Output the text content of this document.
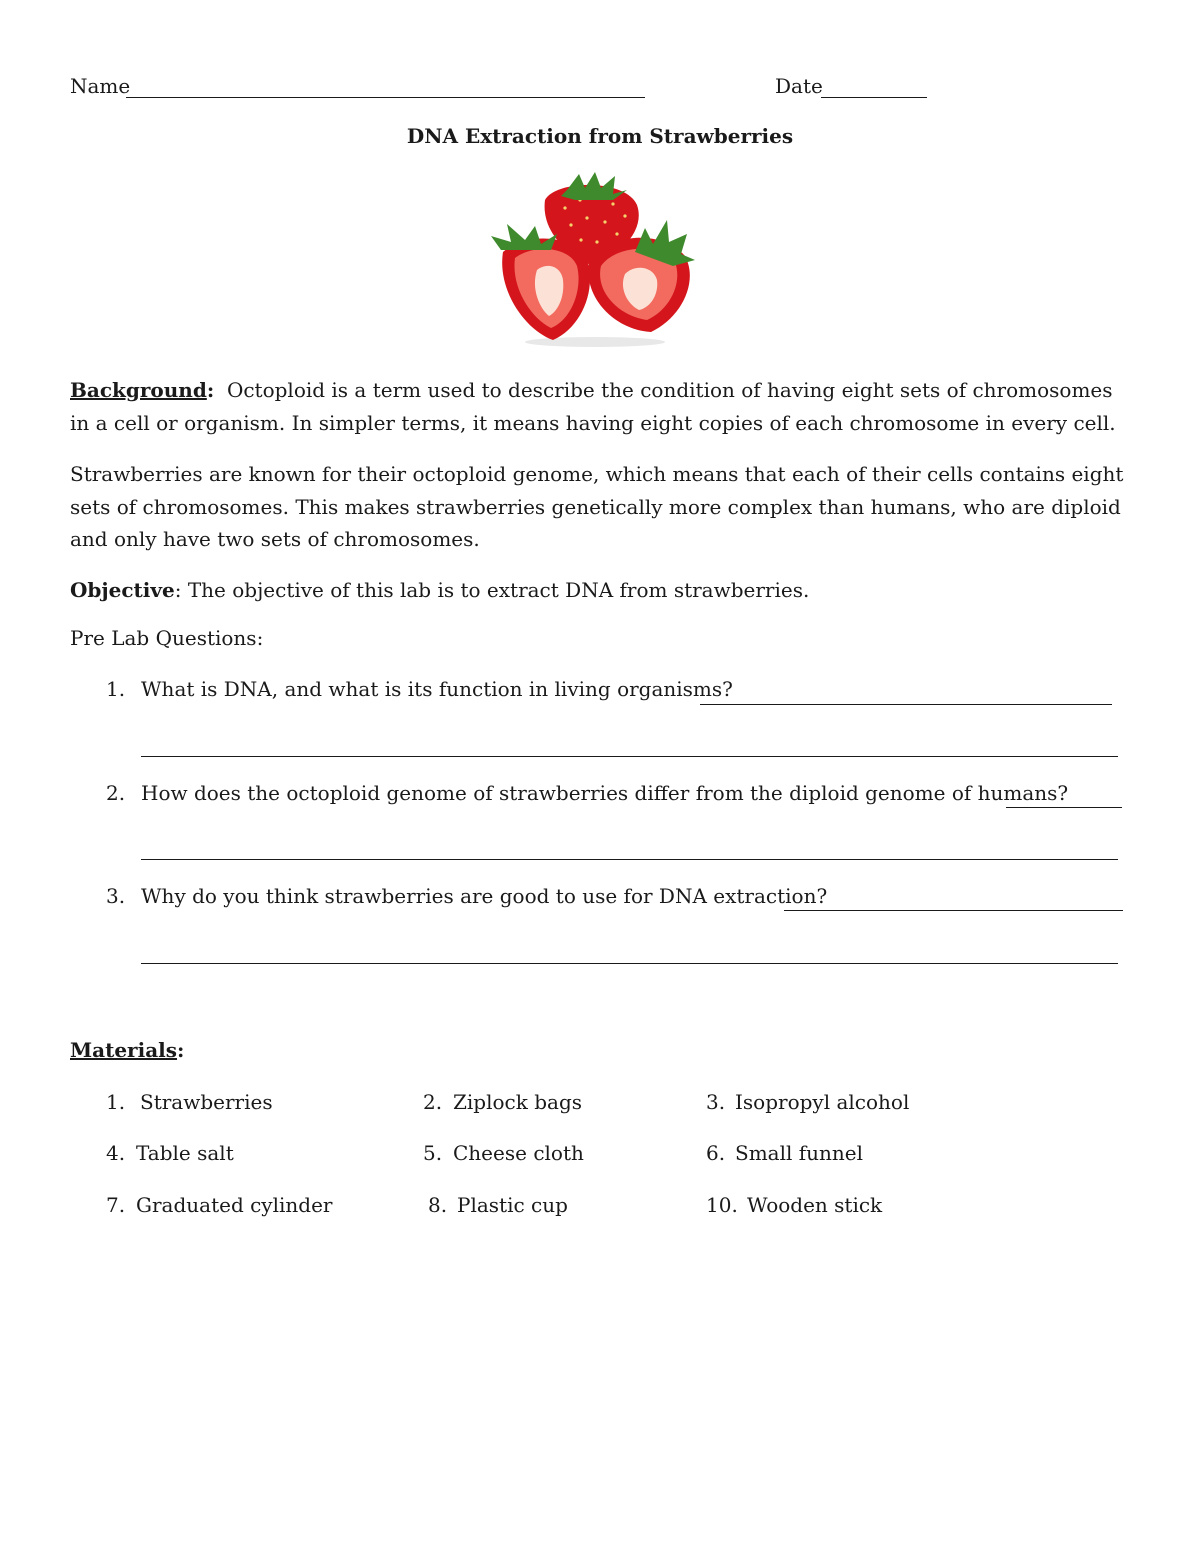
Name	Date
DNA Extraction from Strawberries
Background: Octoploid is a term used to describe the condition of having eight sets of chromosomes in a cell or organism. In simpler terms, it means having eight copies of each chromosome in every cell.
Strawberries are known for their octoploid genome, which means that each of their cells contains eight sets of chromosomes. This makes strawberries genetically more complex than humans, who are diploid and only have two sets of chromosomes.
Objective: The objective of this lab is to extract DNA from strawberries.
Pre Lab Questions:
1. What is DNA, and what is its function in living organisms?
2. How does the octoploid genome of strawberries differ from the diploid genome of humans?
3. Why do you think strawberries are good to use for DNA extraction?
Materials:
1. Strawberries	2. Ziplock bags	3. Isopropyl alcohol
4. Table salt	5. Cheese cloth	6. Small funnel
7. Graduated cylinder	8. Plastic cup	10. Wooden stick
